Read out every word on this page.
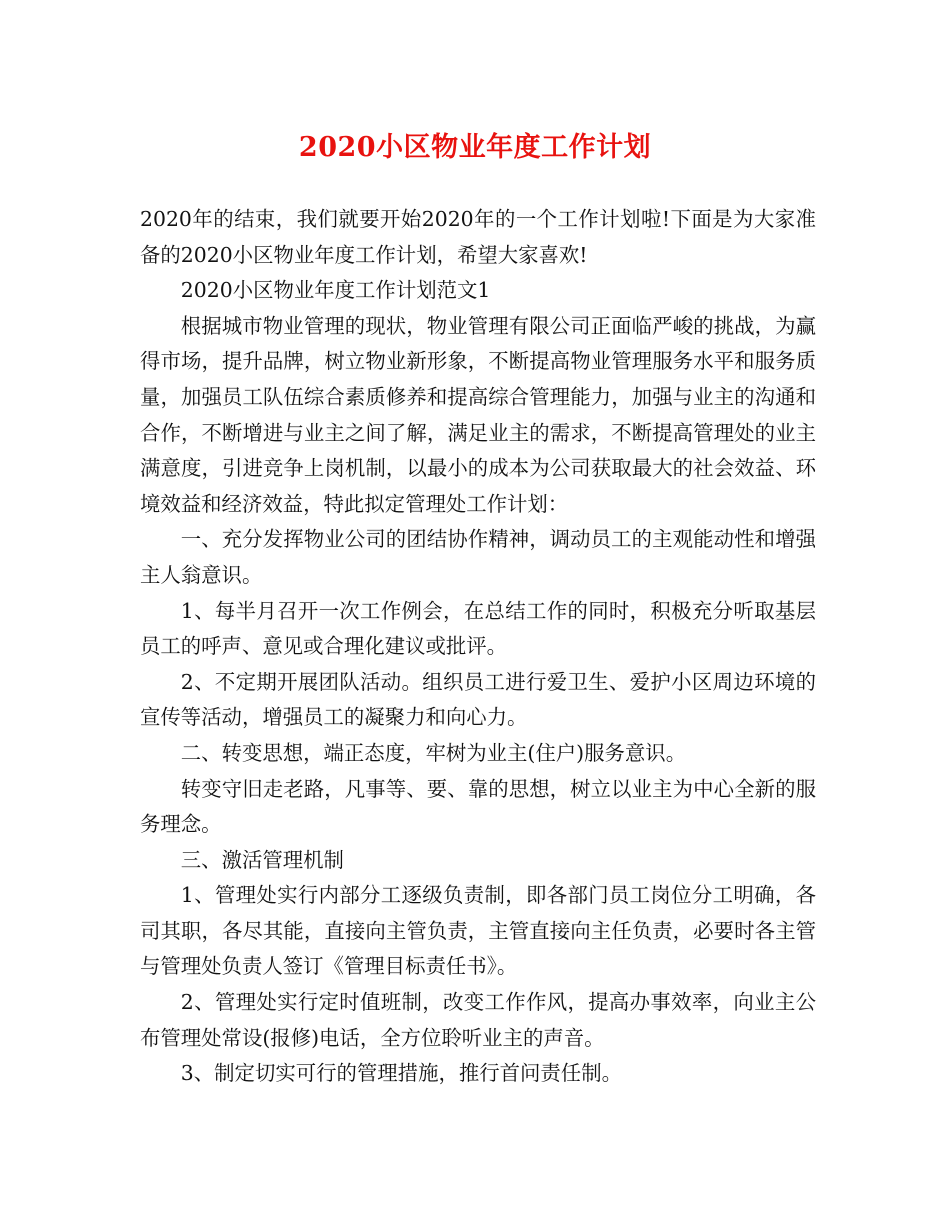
2020小区物业年度工作计划

2020年的结束，我们就要开始2020年的一个工作计划啦!下面是为大家准备的2020小区物业年度工作计划，希望大家喜欢!

2020小区物业年度工作计划范文1

根据城市物业管理的现状，物业管理有限公司正面临严峻的挑战，为赢得市场，提升品牌，树立物业新形象，不断提高物业管理服务水平和服务质量，加强员工队伍综合素质修养和提高综合管理能力，加强与业主的沟通和合作，不断增进与业主之间了解，满足业主的需求，不断提高管理处的业主满意度，引进竞争上岗机制，以最小的成本为公司获取最大的社会效益、环境效益和经济效益，特此拟定管理处工作计划：

一、充分发挥物业公司的团结协作精神，调动员工的主观能动性和增强主人翁意识。

1、每半月召开一次工作例会，在总结工作的同时，积极充分听取基层员工的呼声、意见或合理化建议或批评。

2、不定期开展团队活动。组织员工进行爱卫生、爱护小区周边环境的宣传等活动，增强员工的凝聚力和向心力。

二、转变思想，端正态度，牢树为业主(住户)服务意识。

转变守旧走老路，凡事等、要、靠的思想，树立以业主为中心全新的服务理念。

三、激活管理机制

1、管理处实行内部分工逐级负责制，即各部门员工岗位分工明确，各司其职，各尽其能，直接向主管负责，主管直接向主任负责，必要时各主管与管理处负责人签订《管理目标责任书》。

2、管理处实行定时值班制，改变工作作风，提高办事效率，向业主公布管理处常设(报修)电话，全方位聆听业主的声音。

3、制定切实可行的管理措施，推行首问责任制。
